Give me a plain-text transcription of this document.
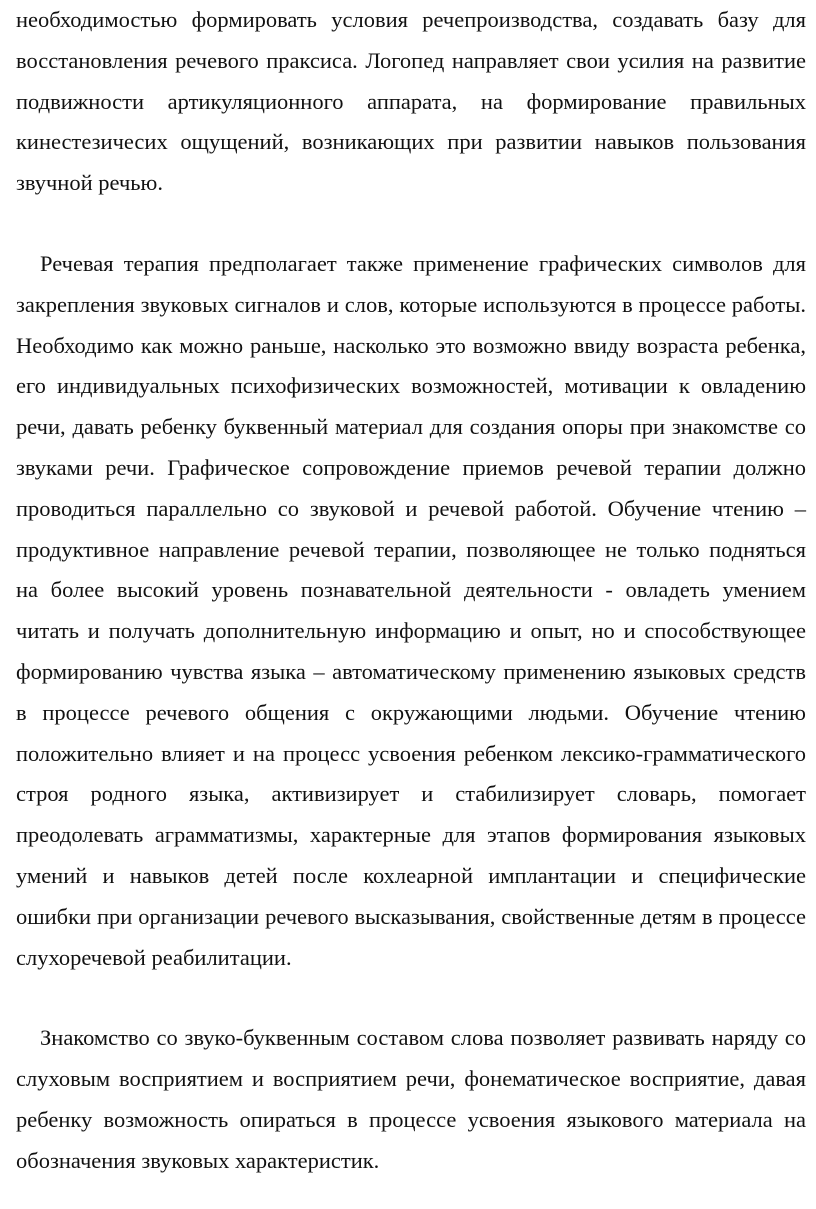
необходимостью формировать условия речепроизводства, создавать базу для восстановления речевого праксиса. Логопед направляет свои усилия на развитие подвижности артикуляционного аппарата, на формирование правильных кинестезичесих ощущений, возникающих при развитии навыков пользования звучной речью.

Речевая терапия предполагает также применение графических символов для закрепления звуковых сигналов и слов, которые используются в процессе работы. Необходимо как можно раньше, насколько это возможно ввиду возраста ребенка, его индивидуальных психофизических возможностей, мотивации к овладению речи, давать ребенку буквенный материал для создания опоры при знакомстве со звуками речи. Графическое сопровождение приемов речевой терапии должно проводиться параллельно со звуковой и речевой работой. Обучение чтению – продуктивное направление речевой терапии, позволяющее не только подняться на более высокий уровень познавательной деятельности - овладеть умением читать и получать дополнительную информацию и опыт, но и способствующее формированию чувства языка – автоматическому применению языковых средств в процессе речевого общения с окружающими людьми. Обучение чтению положительно влияет и на процесс усвоения ребенком лексико-грамматического строя родного языка, активизирует и стабилизирует словарь, помогает преодолевать аграмматизмы, характерные для этапов формирования языковых умений и навыков детей после кохлеарной имплантации и специфические ошибки при организации речевого высказывания, свойственные детям в процессе слухоречевой реабилитации.

Знакомство со звуко-буквенным составом слова позволяет развивать наряду со слуховым восприятием и восприятием речи, фонематическое восприятие, давая ребенку возможность опираться в процессе усвоения языкового материала на обозначения звуковых характеристик.
